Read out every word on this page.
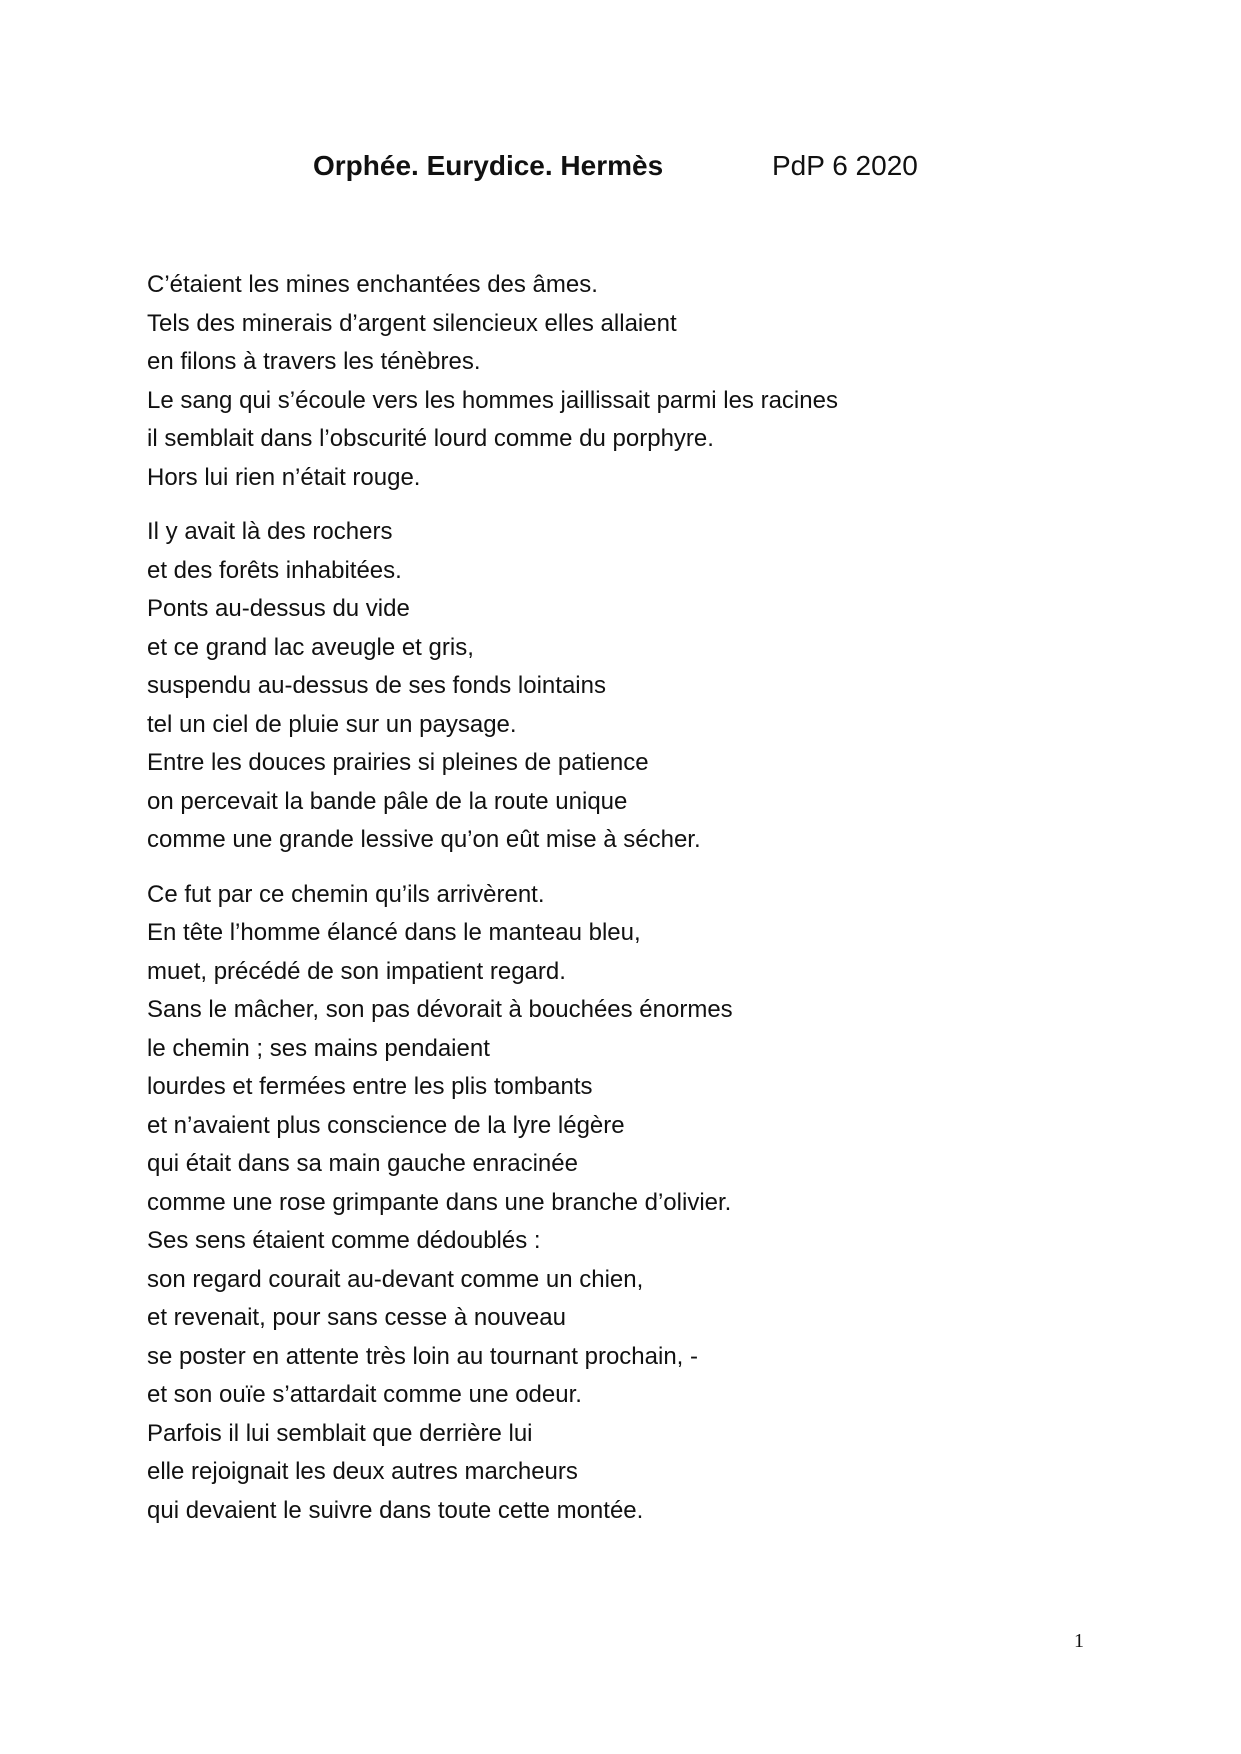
Orphée. Eurydice. Hermès	PdP 6 2020

C’étaient les mines enchantées des âmes.
Tels des minerais d’argent silencieux elles allaient
en filons à travers les ténèbres.
Le sang qui s’écoule vers les hommes jaillissait parmi les racines
il semblait dans l’obscurité lourd comme du porphyre.
Hors lui rien n’était rouge.

Il y avait là des rochers
et des forêts inhabitées.
Ponts au-dessus du vide
et ce grand lac aveugle et gris,
suspendu au-dessus de ses fonds lointains
tel un ciel de pluie sur un paysage.
Entre les douces prairies si pleines de patience
on percevait la bande pâle de la route unique
comme une grande lessive qu’on eût mise à sécher.

Ce fut par ce chemin qu’ils arrivèrent.
En tête l’homme élancé dans le manteau bleu,
muet, précédé de son impatient regard.
Sans le mâcher, son pas dévorait à bouchées énormes
le chemin ; ses mains pendaient
lourdes et fermées entre les plis tombants
et n’avaient plus conscience de la lyre légère
qui était dans sa main gauche enracinée
comme une rose grimpante dans une branche d’olivier.
Ses sens étaient comme dédoublés :
son regard courait au-devant comme un chien,
et revenait, pour sans cesse à nouveau
se poster en attente très loin au tournant prochain, -
et son ouïe s’attardait comme une odeur.
Parfois il lui semblait que derrière lui
elle rejoignait les deux autres marcheurs
qui devaient le suivre dans toute cette montée.

1
